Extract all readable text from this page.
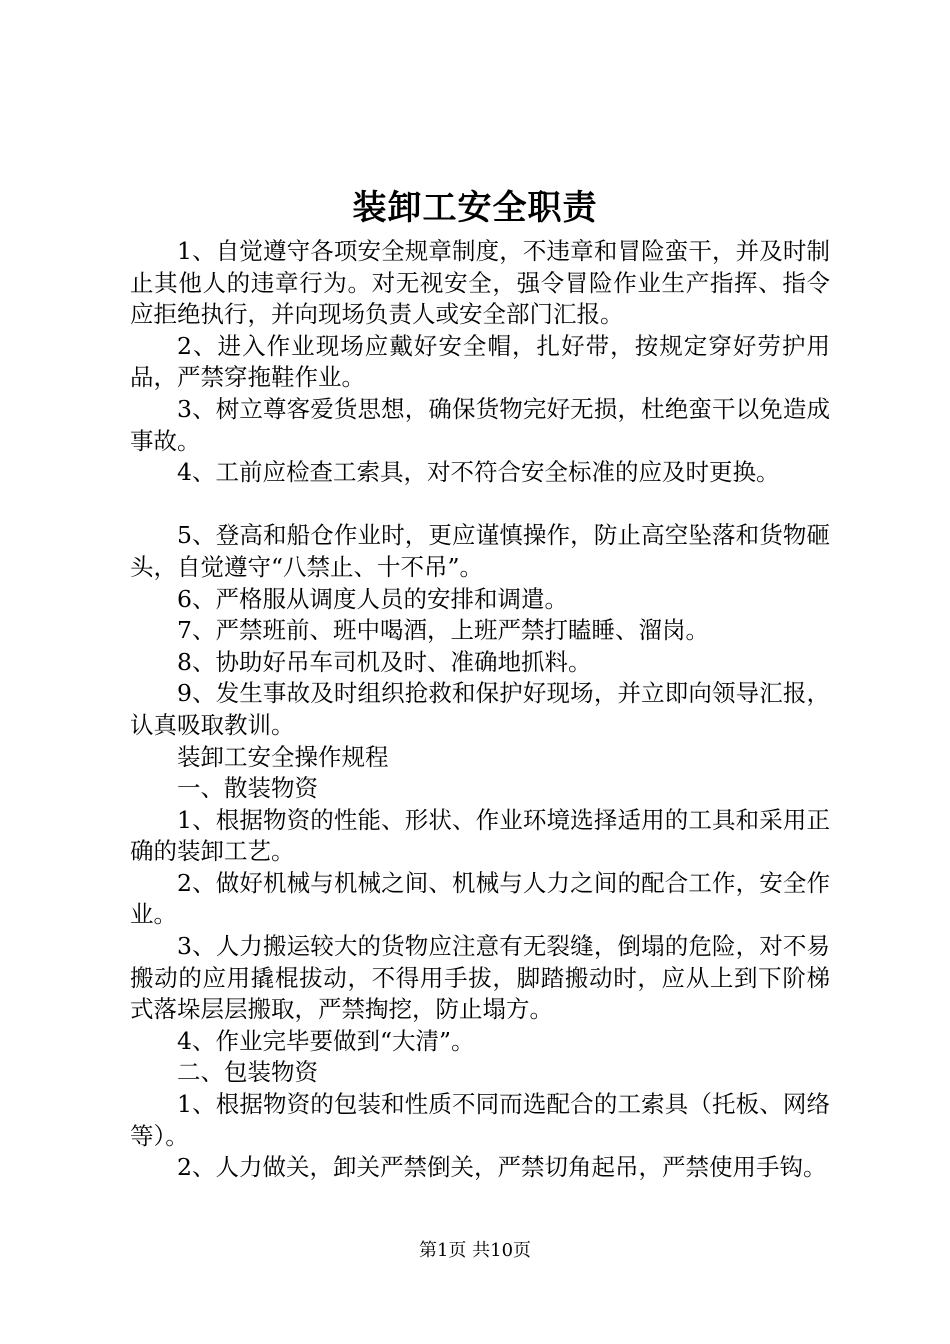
装卸工安全职责

1、自觉遵守各项安全规章制度，不违章和冒险蛮干，并及时制止其他人的违章行为。对无视安全，强令冒险作业生产指挥、指令应拒绝执行，并向现场负责人或安全部门汇报。

2、进入作业现场应戴好安全帽，扎好带，按规定穿好劳护用品，严禁穿拖鞋作业。

3、树立尊客爱货思想，确保货物完好无损，杜绝蛮干以免造成事故。

4、工前应检查工索具，对不符合安全标准的应及时更换。

5、登高和船仓作业时，更应谨慎操作，防止高空坠落和货物砸头，自觉遵守“八禁止、十不吊”。

6、严格服从调度人员的安排和调遣。

7、严禁班前、班中喝酒，上班严禁打瞌睡、溜岗。

8、协助好吊车司机及时、准确地抓料。

9、发生事故及时组织抢救和保护好现场，并立即向领导汇报，认真吸取教训。

装卸工安全操作规程

一、散装物资

1、根据物资的性能、形状、作业环境选择适用的工具和采用正确的装卸工艺。

2、做好机械与机械之间、机械与人力之间的配合工作，安全作业。

3、人力搬运较大的货物应注意有无裂缝，倒塌的危险，对不易搬动的应用撬棍拔动，不得用手拔，脚踏搬动时，应从上到下阶梯式落垛层层搬取，严禁掏挖，防止塌方。

4、作业完毕要做到“大清”。

二、包装物资

1、根据物资的包装和性质不同而选配合的工索具（托板、网络等）。

2、人力做关，卸关严禁倒关，严禁切角起吊，严禁使用手钩。

第1页 共10页
